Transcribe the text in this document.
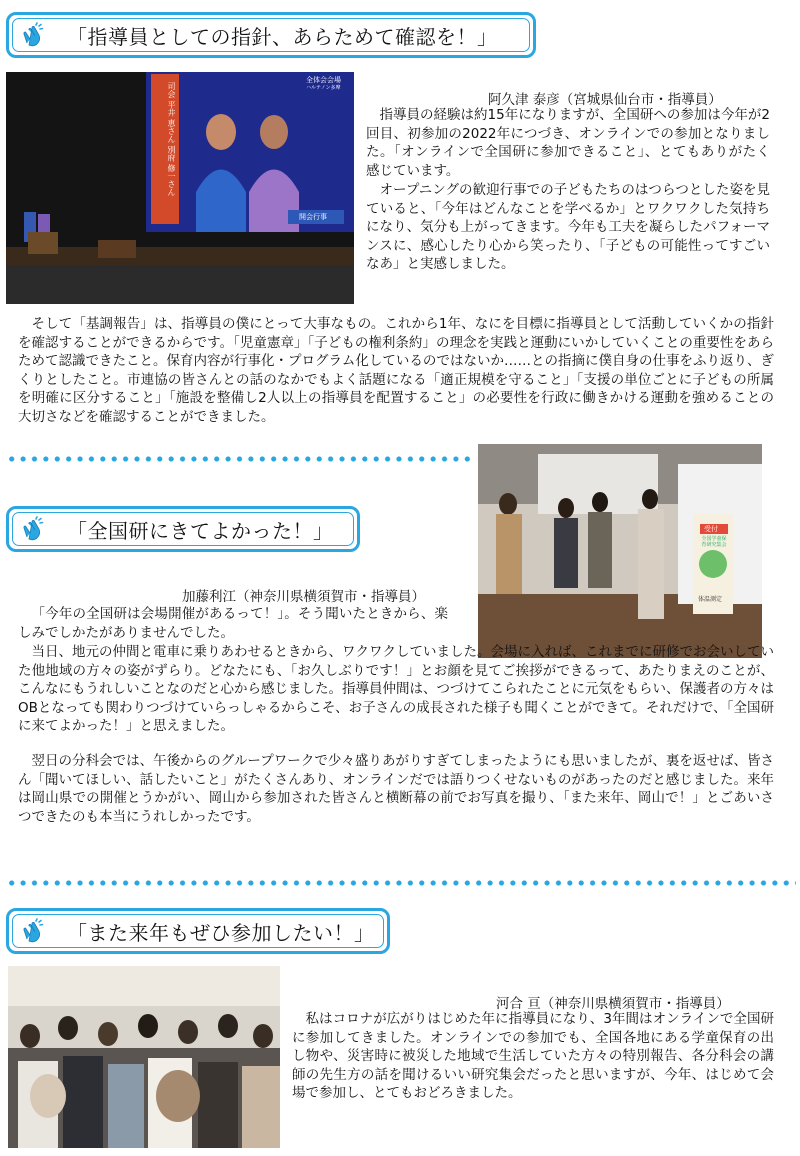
「指導員としての指針、あらためて確認を！」
全体会会場
ハルテノン多摩
開会行事
司会 平井 恵さん 別府 修一さん	阿久津 泰彦（宮城県仙台市・指導員）

指導員の経験は約15年になりますが、全国研への参加は今年が2回目、初参加の2022年につづき、オンラインでの参加となりました。「オンラインで全国研に参加できること」、とてもありがたく感じています。

オープニングの歓迎行事での子どもたちのはつらつとした姿を見ていると、「今年はどんなことを学べるか」とワクワクした気持ちになり、気分も上がってきます。今年も工夫を凝らしたパフォーマンスに、感心したり心から笑ったり、「子どもの可能性ってすごいなあ」と実感しました。

そして「基調報告」は、指導員の僕にとって大事なもの。これから1年、なにを目標に指導員として活動していくかの指針を確認することができるからです。「児童憲章」「子どもの権利条約」の理念を実践と運動にいかしていくことの重要性をあらためて認識できたこと。保育内容が行事化・プログラム化しているのではないか……との指摘に僕自身の仕事をふり返り、ぎくりとしたこと。市連協の皆さんとの話のなかでもよく話題になる「適正規模を守ること」「支援の単位ごとに子どもの所属を明確に区分すること」「施設を整備し2人以上の指導員を配置すること」の必要性を行政に働きかける運動を強めることの大切さなどを確認することができました。

「全国研にきてよかった！」	全国学童保育研究集会
受付
体温測定
加藤利江（神奈川県横須賀市・指導員）

「今年の全国研は会場開催があるって！」。そう聞いたときから、楽しみでしかたがありませんでした。

当日、地元の仲間と電車に乗りあわせるときから、ワクワクしていました。会場に入れば、これまでに研修でお会いしていた他地域の方々の姿がずらり。どなたにも、「お久しぶりです！」とお顔を見てご挨拶ができるって、あたりまえのことが、こんなにもうれしいことなのだと心から感じました。指導員仲間は、つづけてこられたことに元気をもらい、保護者の方々はOBとなっても関わりつづけていらっしゃるからこそ、お子さんの成長された様子も聞くことができて。それだけで、「全国研に来てよかった！」と思えました。

翌日の分科会では、午後からのグループワークで少々盛りあがりすぎてしまったようにも思いましたが、裏を返せば、皆さん「聞いてほしい、話したいこと」がたくさんあり、オンラインだでは語りつくせないものがあったのだと感じました。来年は岡山県での開催とうかがい、岡山から参加された皆さんと横断幕の前でお写真を撮り、「また来年、岡山で！」とごあいさつできたのも本当にうれしかったです。

「また来年もぜひ参加したい！」
河合 亘（神奈川県横須賀市・指導員）

私はコロナが広がりはじめた年に指導員になり、3年間はオンラインで全国研に参加してきました。オンラインでの参加でも、全国各地にある学童保育の出し物や、災害時に被災した地域で生活していた方々の特別報告、各分科会の講師の先生方の話を聞けるいい研究集会だったと思いますが、今年、はじめて会場で参加し、とてもおどろきました。
